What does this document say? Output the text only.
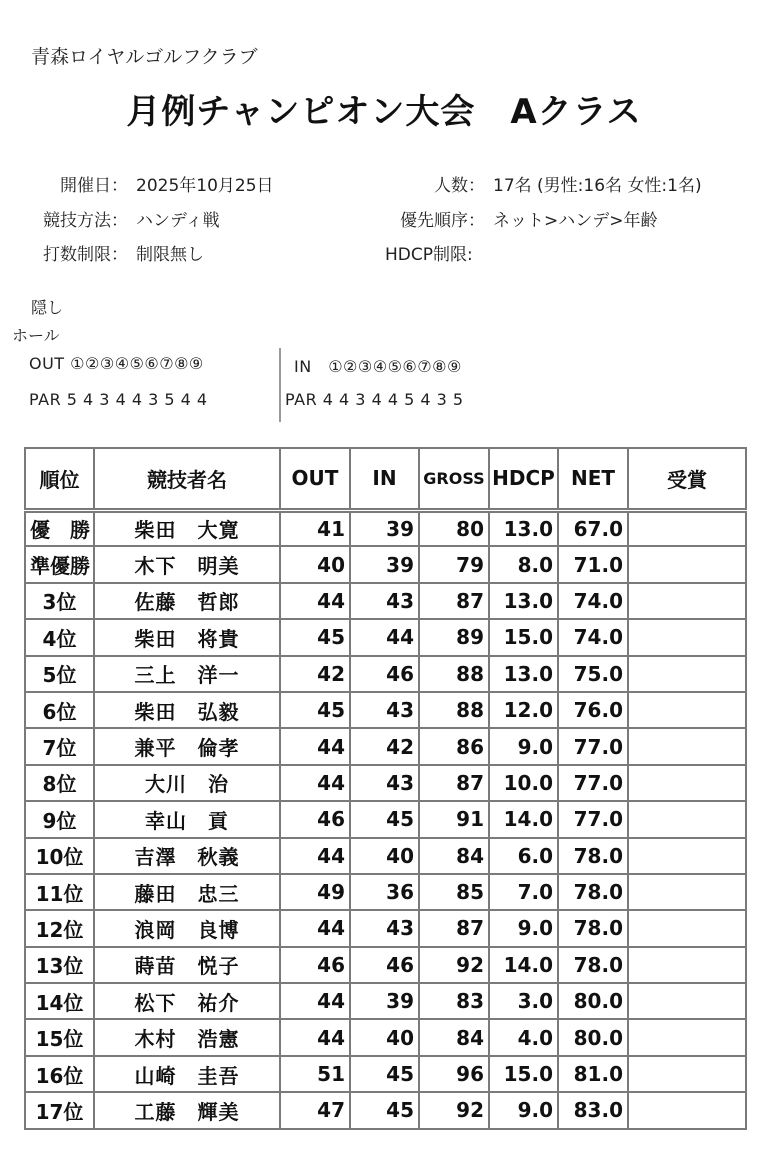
青森ロイヤルゴルフクラブ
月例チャンピオン大会　Aクラス
開催日： 2025年10月25日
競技方法： ハンディ戦
打数制限： 制限無し
人数： 17名 (男性:16名 女性:1名)
優先順序： ネット>ハンデ>年齢
HDCP制限:
隠し
ホール
OUT ①②③④⑤⑥⑦⑧⑨	IN　①②③④⑤⑥⑦⑧⑨
PAR 5 4 3 4 4 3 5 4 4	PAR 4 4 3 4 4 5 4 3 5
順位	競技者名	OUT	IN	GROSS	HDCP	NET	受賞
優　勝	柴田　大寛	41	39	80	13.0	67.0	
準優勝	木下　明美	40	39	79	8.0	71.0	
3位	佐藤　哲郎	44	43	87	13.0	74.0	
4位	柴田　将貴	45	44	89	15.0	74.0	
5位	三上　洋一	42	46	88	13.0	75.0	
6位	柴田　弘毅	45	43	88	12.0	76.0	
7位	兼平　倫孝	44	42	86	9.0	77.0	
8位	大川　治	44	43	87	10.0	77.0	
9位	幸山　貢	46	45	91	14.0	77.0	
10位	吉澤　秋義	44	40	84	6.0	78.0	
11位	藤田　忠三	49	36	85	7.0	78.0	
12位	浪岡　良博	44	43	87	9.0	78.0	
13位	蒔苗　悦子	46	46	92	14.0	78.0	
14位	松下　祐介	44	39	83	3.0	80.0	
15位	木村　浩憲	44	40	84	4.0	80.0	
16位	山崎　圭吾	51	45	96	15.0	81.0	
17位	工藤　輝美	47	45	92	9.0	83.0	
